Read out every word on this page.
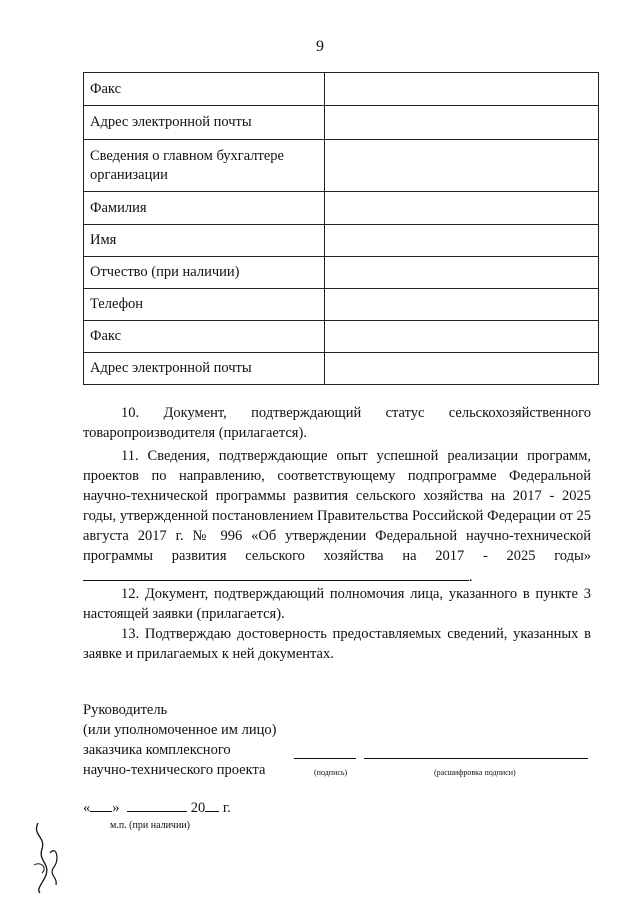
9
Факс	
Адрес электронной почты	
Сведения о главном бухгалтере организации	
Фамилия	
Имя	
Отчество (при наличии)	
Телефон	
Факс	
Адрес электронной почты	
10. Документ, подтверждающий статус сельскохозяйственного товаропроизводителя (прилагается).
11. Сведения, подтверждающие опыт успешной реализации программ, проектов по направлению, соответствующему подпрограмме Федеральной научно-технической программы развития сельского хозяйства на 2017 - 2025 годы, утвержденной постановлением Правительства Российской Федерации от 25 августа 2017 г. № 996 «Об утверждении Федеральной научно-технической программы развития сельского хозяйства на 2017 - 2025 годы».
12. Документ, подтверждающий полномочия лица, указанного в пункте 3 настоящей заявки (прилагается).
13. Подтверждаю достоверность предоставляемых сведений, указанных в заявке и прилагаемых к ней документах.
Руководитель
(или уполномоченное им лицо)
заказчика комплексного
научно-технического проекта	(подпись)	(расшифровка подписи)
« »	20 г.
м.п. (при наличии)
